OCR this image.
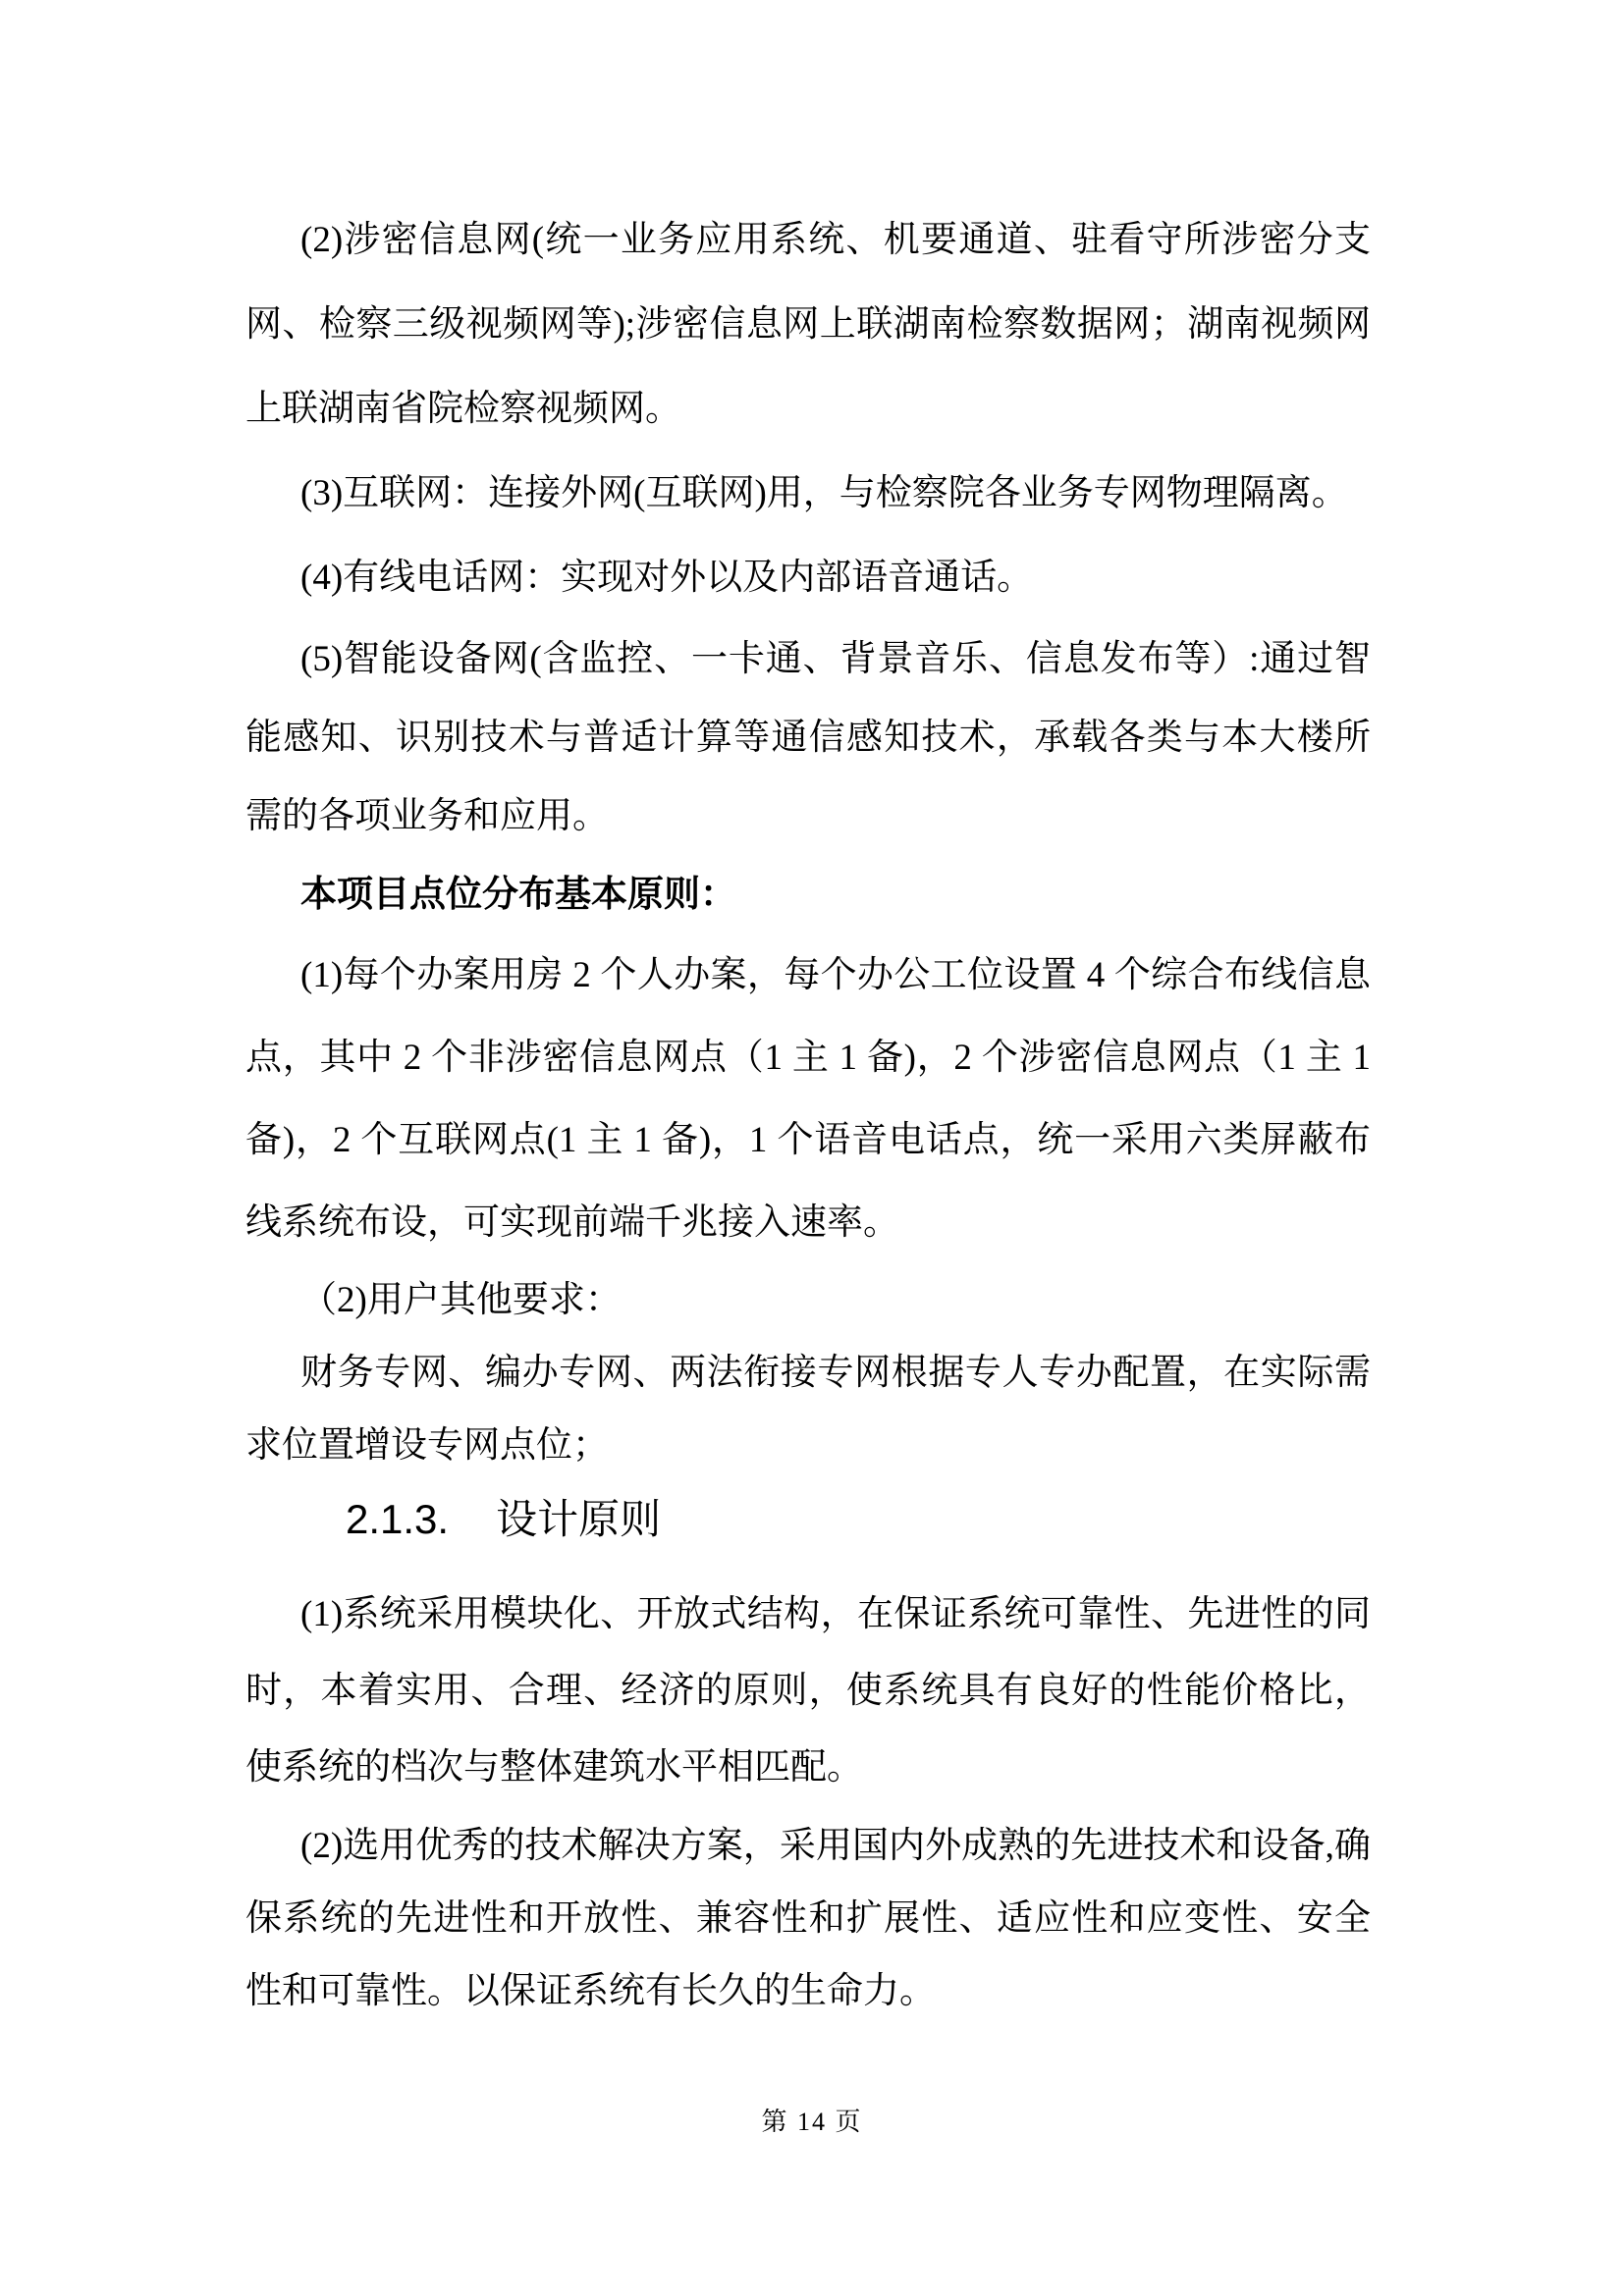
(2)涉密信息网(统一业务应用系统、机要通道、驻看守所涉密分支网、检察三级视频网等);涉密信息网上联湖南检察数据网；湖南视频网上联湖南省院检察视频网。

(3)互联网：连接外网(互联网)用，与检察院各业务专网物理隔离。

(4)有线电话网：实现对外以及内部语音通话。

(5)智能设备网(含监控、一卡通、背景音乐、信息发布等）:通过智能感知、识别技术与普适计算等通信感知技术，承载各类与本大楼所需的各项业务和应用。

本项目点位分布基本原则：

(1)每个办案用房 2 个人办案，每个办公工位设置 4 个综合布线信息点，其中 2 个非涉密信息网点（1 主 1 备)，2 个涉密信息网点（1 主 1 备)，2 个互联网点(1 主 1 备)，1 个语音电话点，统一采用六类屏蔽布线系统布设，可实现前端千兆接入速率。

（2)用户其他要求：

财务专网、编办专网、两法衔接专网根据专人专办配置，在实际需求位置增设专网点位；

2.1.3. 设计原则

(1)系统采用模块化、开放式结构，在保证系统可靠性、先进性的同时，本着实用、合理、经济的原则，使系统具有良好的性能价格比，使系统的档次与整体建筑水平相匹配。

(2)选用优秀的技术解决方案，采用国内外成熟的先进技术和设备,确保系统的先进性和开放性、兼容性和扩展性、适应性和应变性、安全性和可靠性。以保证系统有长久的生命力。

第 14 页
